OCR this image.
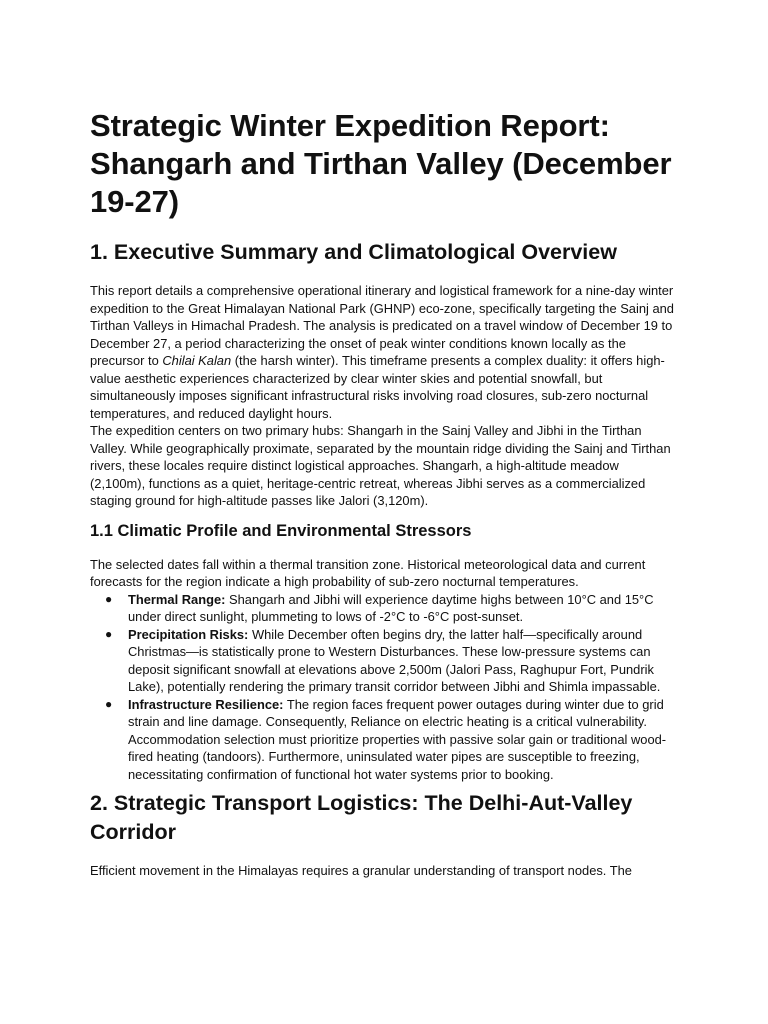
Strategic Winter Expedition Report: Shangarh and Tirthan Valley (December 19-27)
1. Executive Summary and Climatological Overview

This report details a comprehensive operational itinerary and logistical framework for a nine-day winter expedition to the Great Himalayan National Park (GHNP) eco-zone, specifically targeting the Sainj and Tirthan Valleys in Himachal Pradesh. The analysis is predicated on a travel window of December 19 to December 27, a period characterizing the onset of peak winter conditions known locally as the precursor to Chilai Kalan (the harsh winter). This timeframe presents a complex duality: it offers high-value aesthetic experiences characterized by clear winter skies and potential snowfall, but simultaneously imposes significant infrastructural risks involving road closures, sub-zero nocturnal temperatures, and reduced daylight hours.

The expedition centers on two primary hubs: Shangarh in the Sainj Valley and Jibhi in the Tirthan Valley. While geographically proximate, separated by the mountain ridge dividing the Sainj and Tirthan rivers, these locales require distinct logistical approaches. Shangarh, a high-altitude meadow (2,100m), functions as a quiet, heritage-centric retreat, whereas Jibhi serves as a commercialized staging ground for high-altitude passes like Jalori (3,120m).

1.1 Climatic Profile and Environmental Stressors

The selected dates fall within a thermal transition zone. Historical meteorological data and current forecasts for the region indicate a high probability of sub-zero nocturnal temperatures.

● Thermal Range: Shangarh and Jibhi will experience daytime highs between 10°C and 15°C under direct sunlight, plummeting to lows of -2°C to -6°C post-sunset.
● Precipitation Risks: While December often begins dry, the latter half—specifically around Christmas—is statistically prone to Western Disturbances. These low-pressure systems can deposit significant snowfall at elevations above 2,500m (Jalori Pass, Raghupur Fort, Pundrik Lake), potentially rendering the primary transit corridor between Jibhi and Shimla impassable.
● Infrastructure Resilience: The region faces frequent power outages during winter due to grid strain and line damage. Consequently, Reliance on electric heating is a critical vulnerability. Accommodation selection must prioritize properties with passive solar gain or traditional wood-fired heating (tandoors). Furthermore, uninsulated water pipes are susceptible to freezing, necessitating confirmation of functional hot water systems prior to booking.
2. Strategic Transport Logistics: The Delhi-Aut-Valley Corridor

Efficient movement in the Himalayas requires a granular understanding of transport nodes. The
